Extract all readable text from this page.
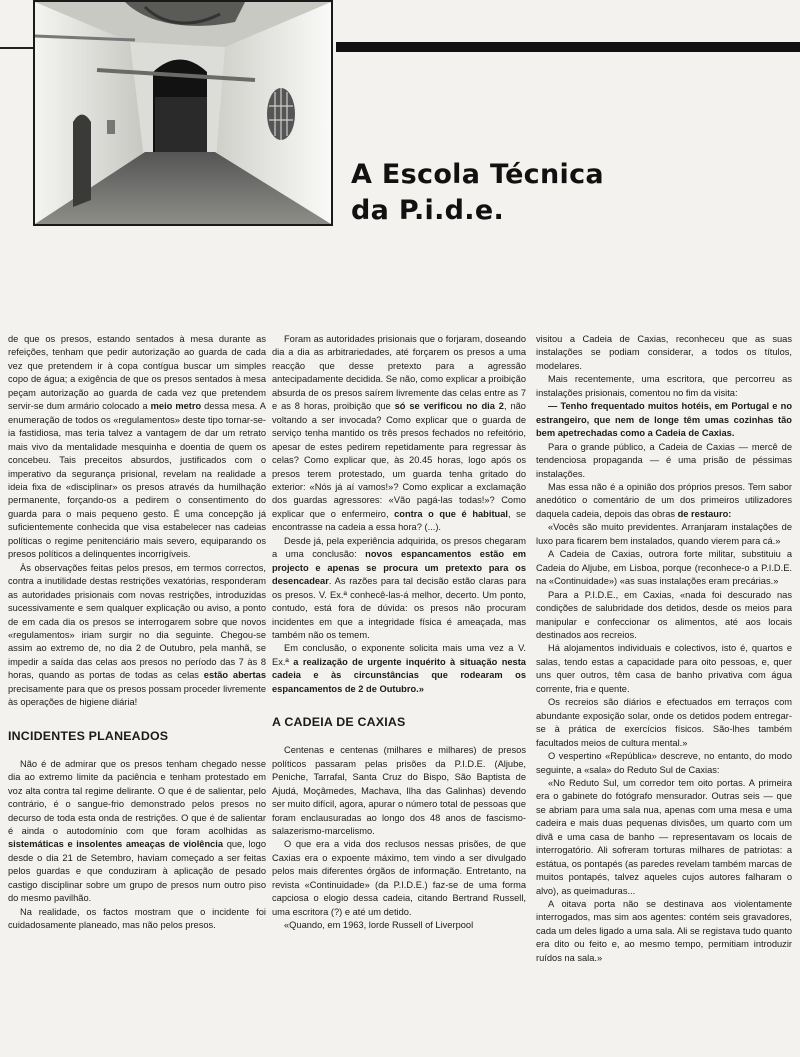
A Escola Técnica
da P.i.d.e.

de que os presos, estando sentados à mesa durante as refeições, tenham que pedir autorização ao guarda de cada vez que pretendem ir à copa contígua buscar um simples copo de água; a exigência de que os presos sentados à mesa peçam autorização ao guarda de cada vez que pretendem servir-se dum armário colocado a meio metro dessa mesa. A enumeração de todos os «regulamentos» deste tipo tornar-se-ia fastidiosa, mas teria talvez a vantagem de dar um retrato mais vivo da mentalidade mesquinha e doentia de quem os concebeu. Tais preceitos absurdos, justificados com o imperativo da segurança prisional, revelam na realidade a ideia fixa de «disciplinar» os presos através da humilhação permanente, forçando-os a pedirem o consentimento do guarda para o mais pequeno gesto. É uma concepção já suficientemente conhecida que visa estabelecer nas cadeias políticas o regime penitenciário mais severo, equiparando os presos políticos a delinquentes incorrigíveis.

Às observações feitas pelos presos, em termos correctos, contra a inutilidade destas restrições vexatórias, responderam as autoridades prisionais com novas restrições, introduzidas sucessivamente e sem qualquer explicação ou aviso, a ponto de em cada dia os presos se interrogarem sobre que novos «regulamentos» iriam surgir no dia seguinte. Chegou-se assim ao extremo de, no dia 2 de Outubro, pela manhã, se impedir a saída das celas aos presos no período das 7 às 8 horas, quando as portas de todas as celas estão abertas precisamente para que os presos possam proceder livremente às operações de higiene diária!

INCIDENTES PLANEADOS

Não é de admirar que os presos tenham chegado nesse dia ao extremo limite da paciência e tenham protestado em voz alta contra tal regime delirante. O que é de salientar, pelo contrário, é o sangue-frio demonstrado pelos presos no decurso de toda esta onda de restrições. O que é de salientar é ainda o autodomínio com que foram acolhidas as sistemáticas e insolentes ameaças de violência que, logo desde o dia 21 de Setembro, haviam começado a ser feitas pelos guardas e que conduziram à aplicação de pesado castigo disciplinar sobre um grupo de presos num outro piso do mesmo pavilhão.

Na realidade, os factos mostram que o incidente foi cuidadosamente planeado, mas não pelos presos.

Foram as autoridades prisionais que o forjaram, doseando dia a dia as arbitrariedades, até forçarem os presos a uma reacção que desse pretexto para a agressão antecipadamente decidida. Se não, como explicar a proibição absurda de os presos saírem livremente das celas entre as 7 e as 8 horas, proibição que só se verificou no dia 2, não voltando a ser invocada? Como explicar que o guarda de serviço tenha mantido os três presos fechados no refeitório, apesar de estes pedirem repetidamente para regressar às celas? Como explicar que, às 20.45 horas, logo após os presos terem protestado, um guarda tenha gritado do exterior: «Nós já aí vamos!»? Como explicar a exclamação dos guardas agressores: «Vão pagá-las todas!»? Como explicar que o enfermeiro, contra o que é habitual, se encontrasse na cadeia a essa hora? (...).

Desde já, pela experiência adquirida, os presos chegaram a uma conclusão: novos espancamentos estão em projecto e apenas se procura um pretexto para os desencadear. As razões para tal decisão estão claras para os presos. V. Ex.ª conhecê-las-á melhor, decerto. Um ponto, contudo, está fora de dúvida: os presos não procuram incidentes em que a integridade física é ameaçada, mas também não os temem.

Em conclusão, o exponente solicita mais uma vez a V. Ex.ª a realização de urgente inquérito à situação nesta cadeia e às circunstâncias que rodearam os espancamentos de 2 de Outubro.»

A CADEIA DE CAXIAS

Centenas e centenas (milhares e milhares) de presos políticos passaram pelas prisões da P.I.D.E. (Aljube, Peniche, Tarrafal, Santa Cruz do Bispo, São Baptista de Ajudá, Moçâmedes, Machava, Ilha das Galinhas) devendo ser muito difícil, agora, apurar o número total de pessoas que foram enclausuradas ao longo dos 48 anos de fascismo-salazerismo-marcelismo.

O que era a vida dos reclusos nessas prisões, de que Caxias era o expoente máximo, tem vindo a ser divulgado pelos mais diferentes órgãos de informação. Entretanto, na revista «Continuidade» (da P.I.D.E.) faz-se de uma forma capciosa o elogio dessa cadeia, citando Bertrand Russell, uma escritora (?) e até um detido.

«Quando, em 1963, lorde Russell of Liverpool

visitou a Cadeia de Caxias, reconheceu que as suas instalações se podiam considerar, a todos os títulos, modelares.

Mais recentemente, uma escritora, que percorreu as instalações prisionais, comentou no fim da visita:

— Tenho frequentado muitos hotéis, em Portugal e no estrangeiro, que nem de longe têm umas cozinhas tão bem apetrechadas como a Cadeia de Caxias.

Para o grande público, a Cadeia de Caxias — mercê de tendenciosa propaganda — é uma prisão de péssimas instalações.

Mas essa não é a opinião dos próprios presos. Tem sabor anedótico o comentário de um dos primeiros utilizadores daquela cadeia, depois das obras de restauro:

«Vocês são muito previdentes. Arranjaram instalações de luxo para ficarem bem instalados, quando vierem para cá.»

A Cadeia de Caxias, outrora forte militar, substituiu a Cadeia do Aljube, em Lisboa, porque (reconhece-o a P.I.D.E. na «Continuidade») «as suas instalações eram precárias.»

Para a P.I.D.E., em Caxias, «nada foi descurado nas condições de salubridade dos detidos, desde os meios para manipular e confeccionar os alimentos, até aos locais destinados aos recreios.

Há alojamentos individuais e colectivos, isto é, quartos e salas, tendo estas a capacidade para oito pessoas, e, quer uns quer outros, têm casa de banho privativa com água corrente, fria e quente.

Os recreios são diários e efectuados em terraços com abundante exposição solar, onde os detidos podem entregar-se à prática de exercícios físicos. São-lhes também facultados meios de cultura mental.»

O vespertino «República» descreve, no entanto, do modo seguinte, a «sala» do Reduto Sul de Caxias:

«No Reduto Sul, um corredor tem oito portas. A primeira era o gabinete do fotógrafo mensurador. Outras seis — que se abriam para uma sala nua, apenas com uma mesa e uma cadeira e mais duas pequenas divisões, um quarto com um divã e uma casa de banho — representavam os locais de interrogatório. Ali sofreram torturas milhares de patriotas: a estátua, os pontapés (as paredes revelam também marcas de muitos pontapés, talvez aqueles cujos autores falharam o alvo), as queimaduras...

A oitava porta não se destinava aos violentamente interrogados, mas sim aos agentes: contém seis gravadores, cada um deles ligado a uma sala. Ali se registava tudo quanto era dito ou feito e, ao mesmo tempo, permitiam introduzir ruídos na sala.»
